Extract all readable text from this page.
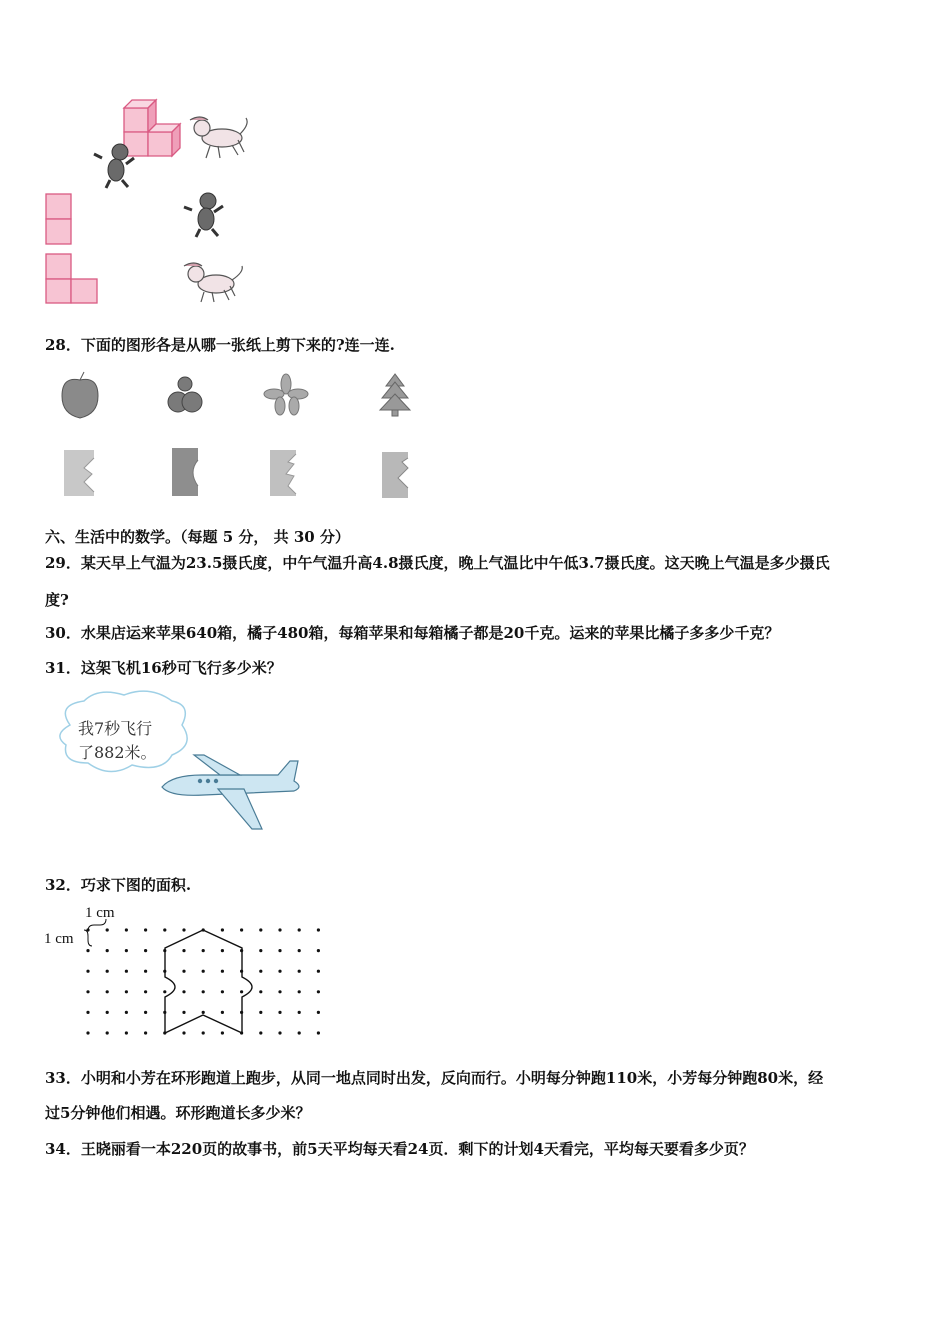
28．下面的图形各是从哪一张纸上剪下来的?连一连.
六、生活中的数学。（每题 5 分， 共 30 分）
29．某天早上气温为23.5摄氏度，中午气温升高4.8摄氏度，晚上气温比中午低3.7摄氏度。这天晚上气温是多少摄氏
度?
30．水果店运来苹果640箱，橘子480箱，每箱苹果和每箱橘子都是20千克。运来的苹果比橘子多多少千克？
31．这架飞机16秒可飞行多少米？
我7秒飞行
了882米。
32．巧求下图的面积.
1 cm
1 cm
33．小明和小芳在环形跑道上跑步，从同一地点同时出发，反向而行。小明每分钟跑110米，小芳每分钟跑80米，经
过5分钟他们相遇。环形跑道长多少米？
34．王晓丽看一本220页的故事书，前5天平均每天看24页．剩下的计划4天看完，平均每天要看多少页？
